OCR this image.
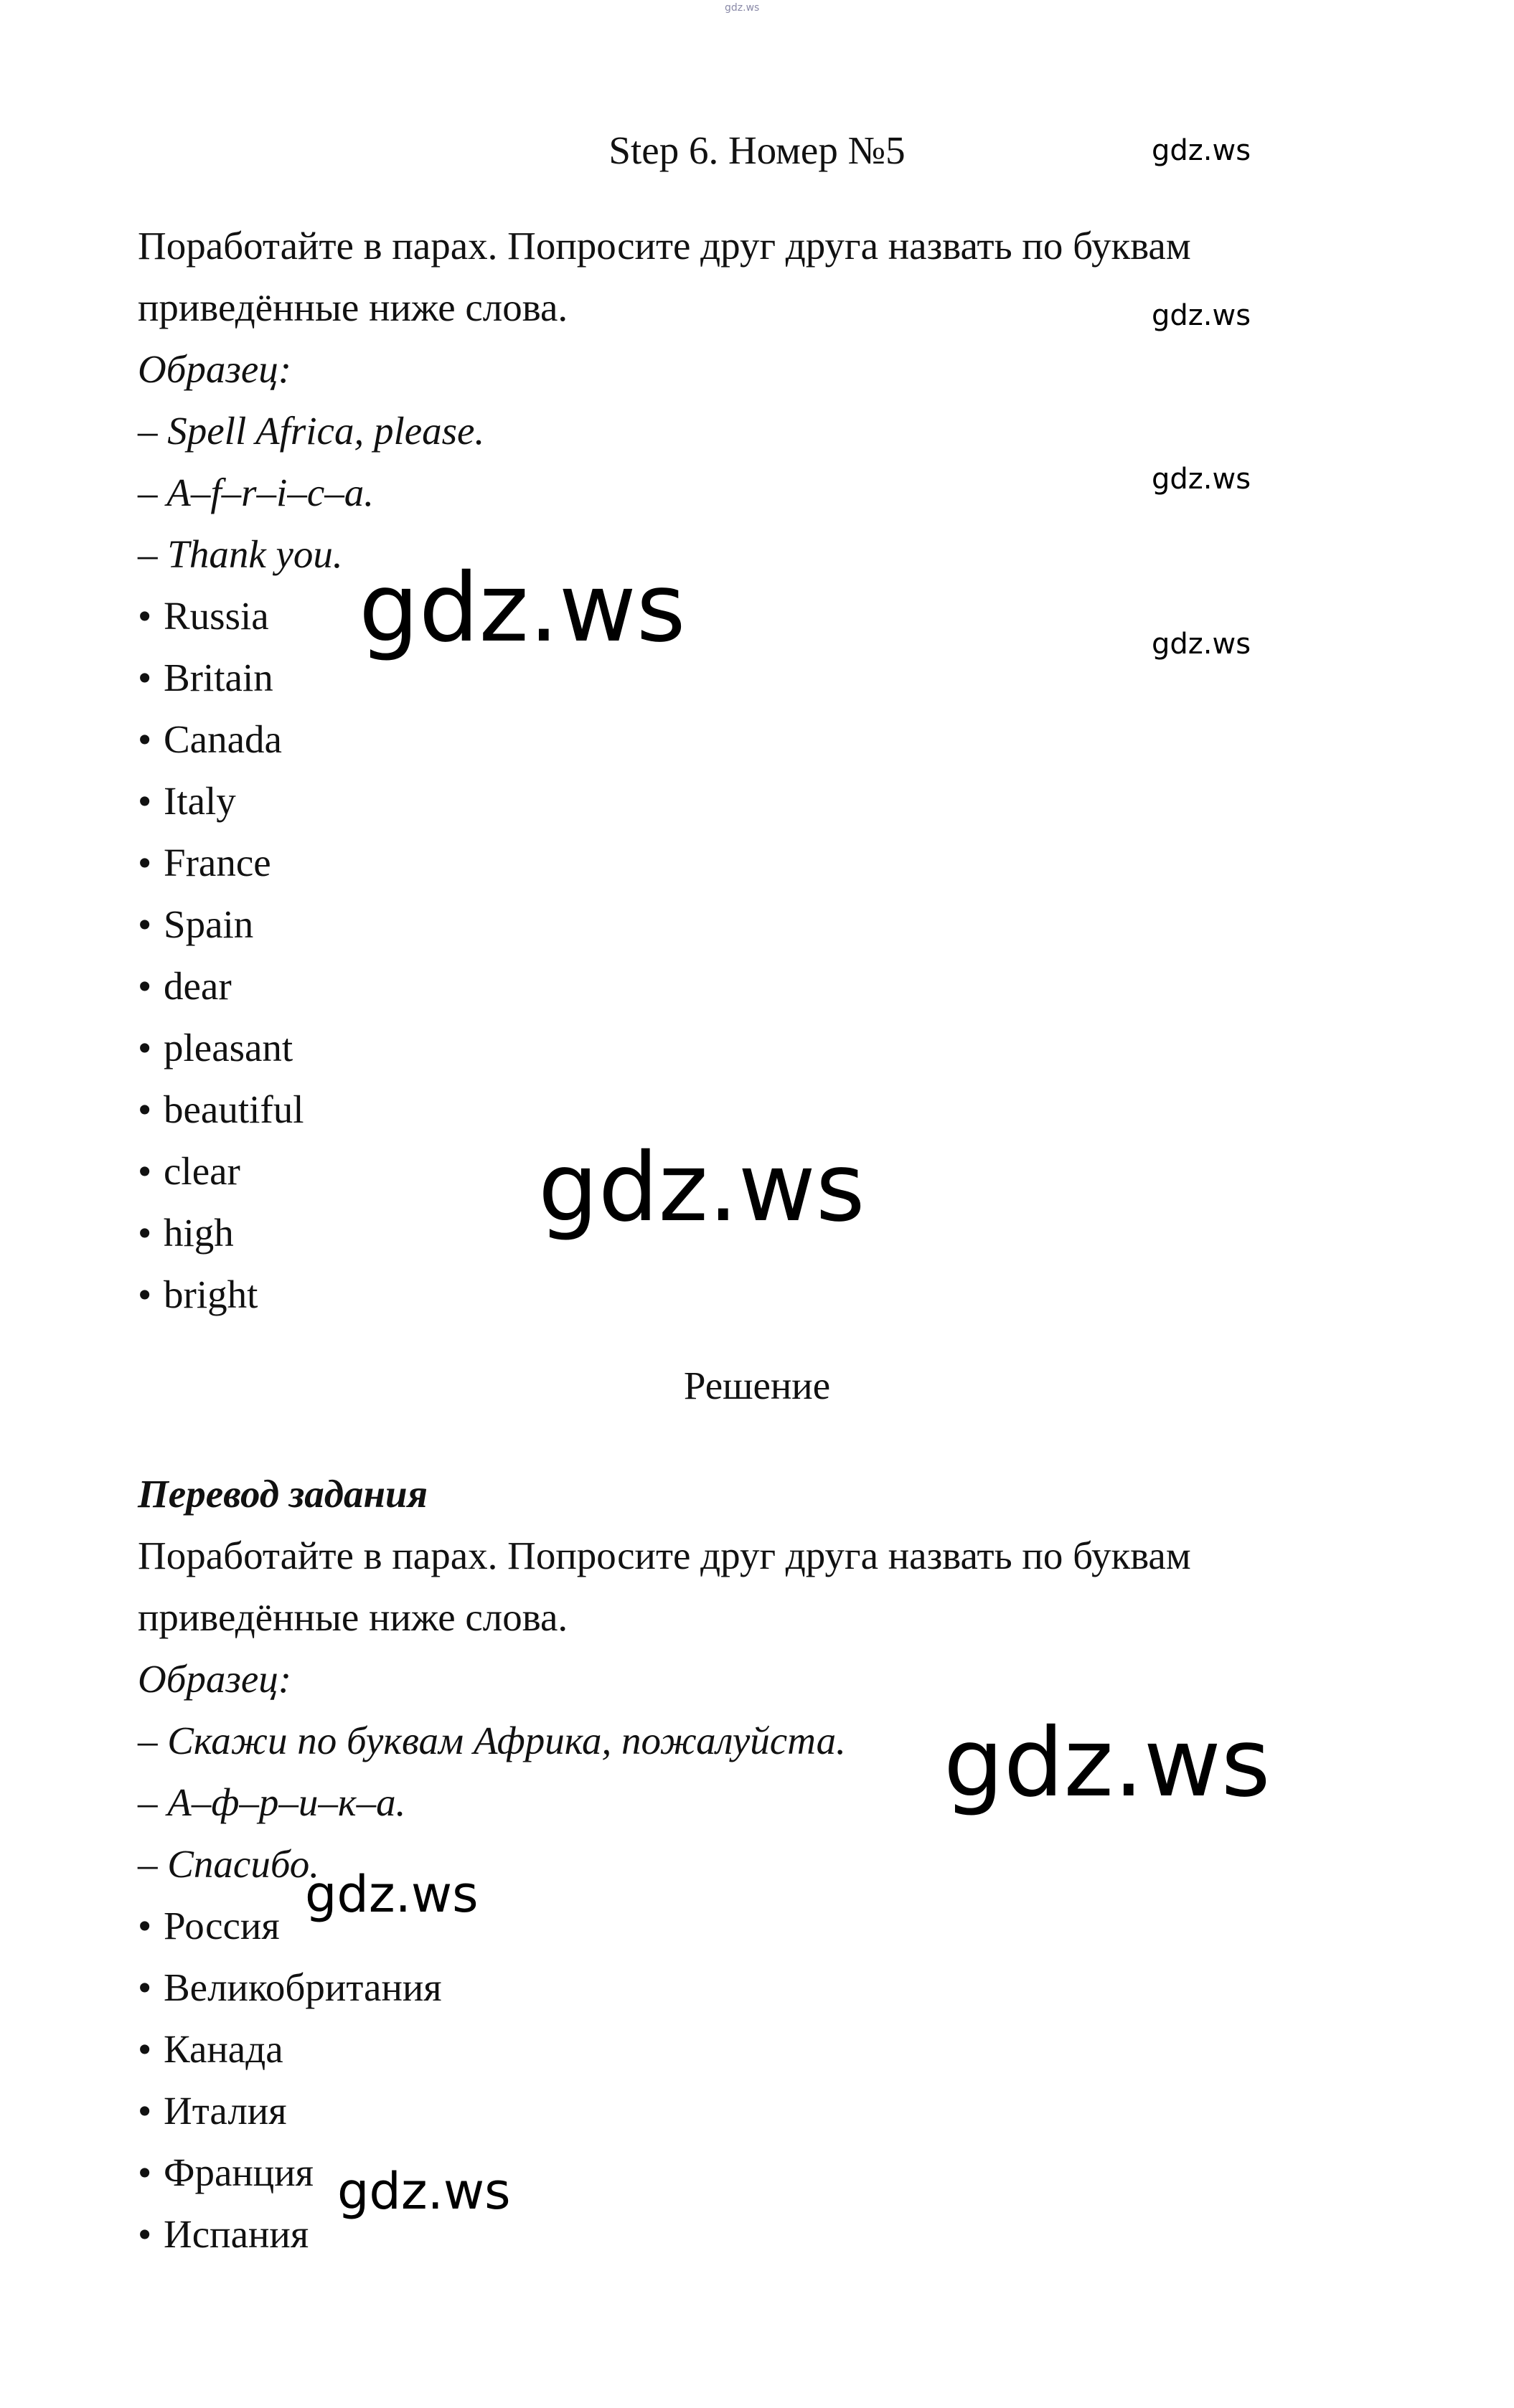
gdz.ws
gdz.ws
gdz.ws
gdz.ws
gdz.ws
gdz.ws
gdz.ws
gdz.ws
gdz.ws
gdz.ws
Step 6. Номер №5
Поработайте в парах. Попросите друг друга назвать по буквам
приведённые ниже слова.
Образец:
– Spell Africa, please.
– A–f–r–i–c–a.
– Thank you.
• Russia
• Britain
• Canada
• Italy
• France
• Spain
• dear
• pleasant
• beautiful
• clear
• high
• bright
Решение
Перевод задания
Поработайте в парах. Попросите друг друга назвать по буквам
приведённые ниже слова.
Образец:
– Скажи по буквам Африка, пожалуйста.
– А–ф–р–и–к–а.
– Спасибо.
• Россия
• Великобритания
• Канада
• Италия
• Франция
• Испания
